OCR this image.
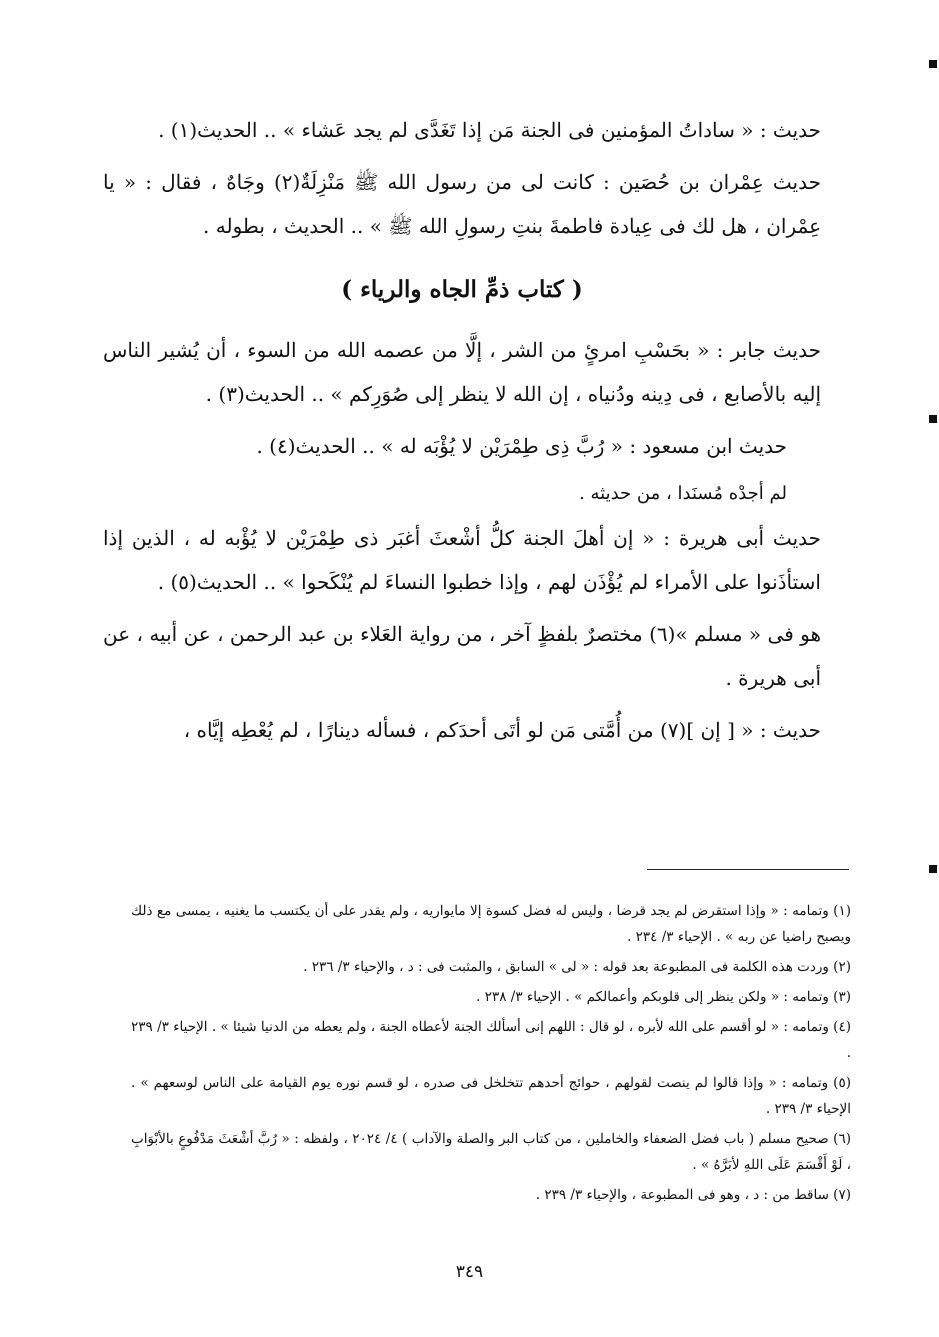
حديث : « ساداتُ المؤمنين فى الجنة مَن إذا تَغَدَّى لم يجد عَشاء » .. الحديث(١) .

حديث عِمْران بن حُصَين : كانت لى من رسول الله ﷺ مَنْزِلَةٌ(٢) وجَاهٌ ، فقال : « يا عِمْران ، هل لك فى عِيادة فاطمةَ بنتِ رسولِ الله ﷺ » .. الحديث ، بطوله .

( كتاب ذمِّ الجاه والرياء )

حديث جابر : « بحَسْبِ امرئٍ من الشر ، إلَّا من عصمه الله من السوء ، أن يُشير الناس إليه بالأصابع ، فى دِينه ودُنياه ، إن الله لا ينظر إلى صُوَرِكم » .. الحديث(٣) .

حديث ابن مسعود : « رُبَّ ذِى طِمْرَيْن لا يُؤْبَه له » .. الحديث(٤) .

لم أجدْه مُسنَدا ، من حديثه .

حديث أبى هريرة : « إن أهلَ الجنة كلُّ أشْعثَ أغبَر ذى طِمْرَيْن لا يُؤْبه له ، الذين إذا استأذَنوا على الأمراء لم يُؤْذَن لهم ، وإذا خطبوا النساءَ لم يُنْكَحوا » .. الحديث(٥) .

هو فى « مسلم »(٦) مختصرٌ بلفظٍ آخر ، من رواية العَلاء بن عبد الرحمن ، عن أبيه ، عن أبى هريرة .

حديث : « [ إن ](٧) من أُمَّتى مَن لو أتَى أحدَكم ، فسأله دينارًا ، لم يُعْطِه إيَّاه ،

(١) وتمامه : « وإذا استقرض لم يجد قرضا ، وليس له فضل كسوة إلا مايواريه ، ولم يقدر على أن يكتسب ما يغنيه ، يمسى مع ذلك ويصبح راضيا عن ربه » . الإحياء ٣/ ٢٣٤ .

(٢) وردت هذه الكلمة فى المطبوعة بعد قوله : « لى » السابق ، والمثبت فى : د ، والإحياء ٣/ ٢٣٦ .

(٣) وتمامه : « ولكن ينظر إلى قلوبكم وأعمالكم » . الإحياء ٣/ ٢٣٨ .

(٤) وتمامه : « لو أقسم على الله لأبره ، لو قال : اللهم إنى أسألك الجنة لأعطاه الجنة ، ولم يعطه من الدنيا شيئا » . الإحياء ٣/ ٢٣٩ .

(٥) وتمامه : « وإذا قالوا لم ينصت لقولهم ، حوائج أحدهم تتخلخل فى صدره ، لو قسم نوره يوم القيامة على الناس لوسعهم » . الإحياء ٣/ ٢٣٩ .

(٦) صحيح مسلم ( باب فضل الضعفاء والخاملين ، من كتاب البر والصلة والآداب ) ٤/ ٢٠٢٤ ، ولفظه : « رُبَّ أشْعَثَ مَدْفُوعٍ بالأبْوَابِ ، لَوْ أَقْسَمَ عَلَى اللهِ لأبَرَّهُ » .

(٧) ساقط من : د ، وهو فى المطبوعة ، والإحياء ٣/ ٢٣٩ .

٣٤٩
